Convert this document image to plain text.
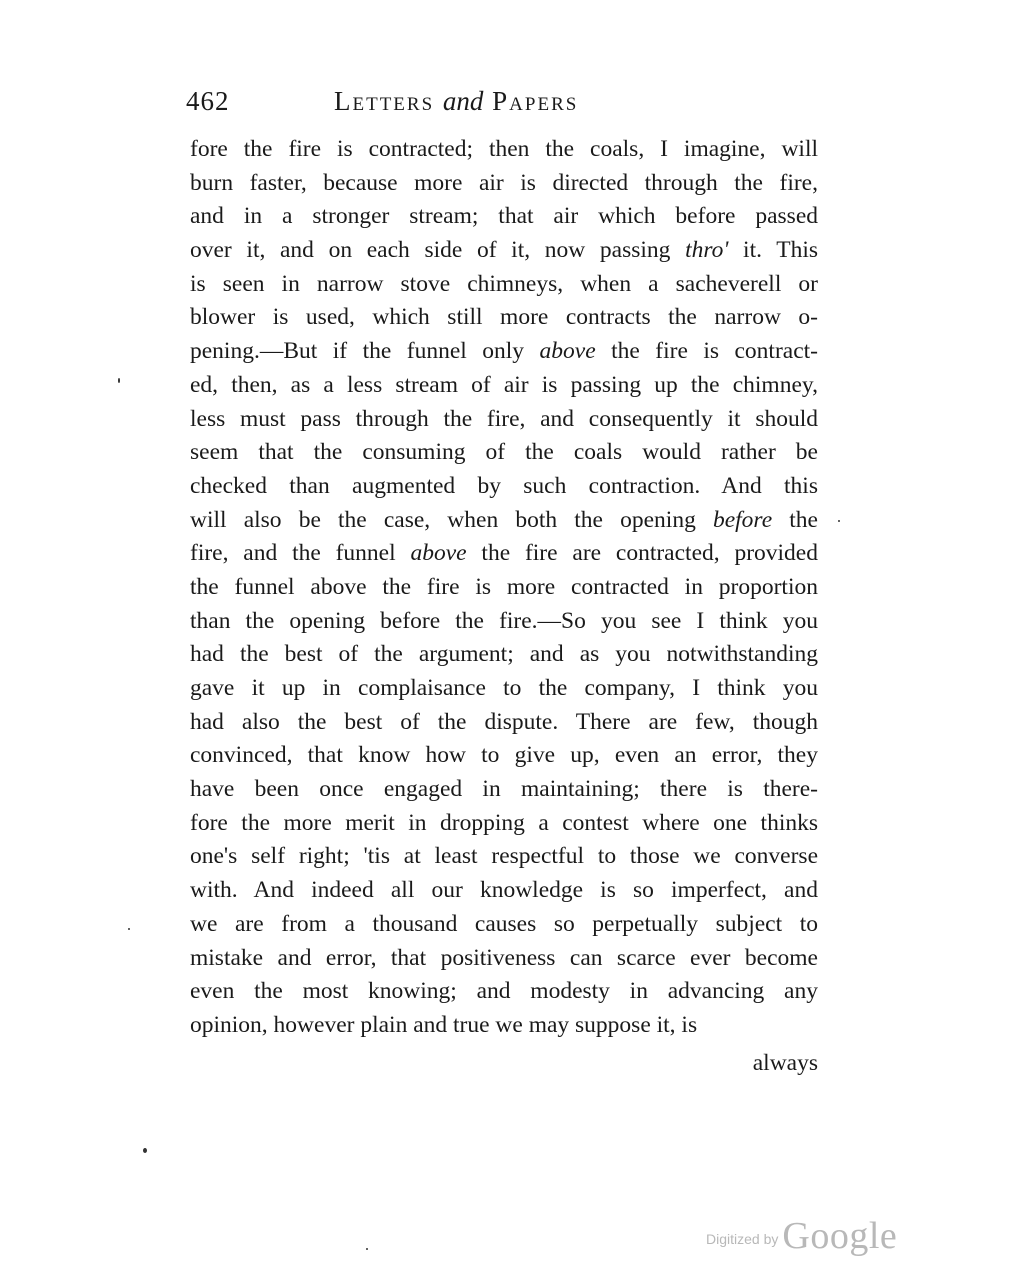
462	Letters and Papers
fore the fire is contracted; then the coals, I imagine, will
burn faster, because more air is directed through the fire,
and in a stronger stream; that air which before passed
over it, and on each side of it, now passing thro' it. This
is seen in narrow stove chimneys, when a sacheverell or
blower is used, which still more contracts the narrow o-
pening.—But if the funnel only above the fire is contract-
ed, then, as a less stream of air is passing up the chimney,
less must pass through the fire, and consequently it should
seem that the consuming of the coals would rather be
checked than augmented by such contraction. And this
will also be the case, when both the opening before the
fire, and the funnel above the fire are contracted, provided
the funnel above the fire is more contracted in proportion
than the opening before the fire.—So you see I think you
had the best of the argument; and as you notwithstanding
gave it up in complaisance to the company, I think you
had also the best of the dispute. There are few, though
convinced, that know how to give up, even an error, they
have been once engaged in maintaining; there is there-
fore the more merit in dropping a contest where one thinks
one's self right; 'tis at least respectful to those we converse
with. And indeed all our knowledge is so imperfect, and
we are from a thousand causes so perpetually subject to
mistake and error, that positiveness can scarce ever become
even the most knowing; and modesty in advancing any
opinion, however plain and true we may suppose it, is
always
Digitized by Google
